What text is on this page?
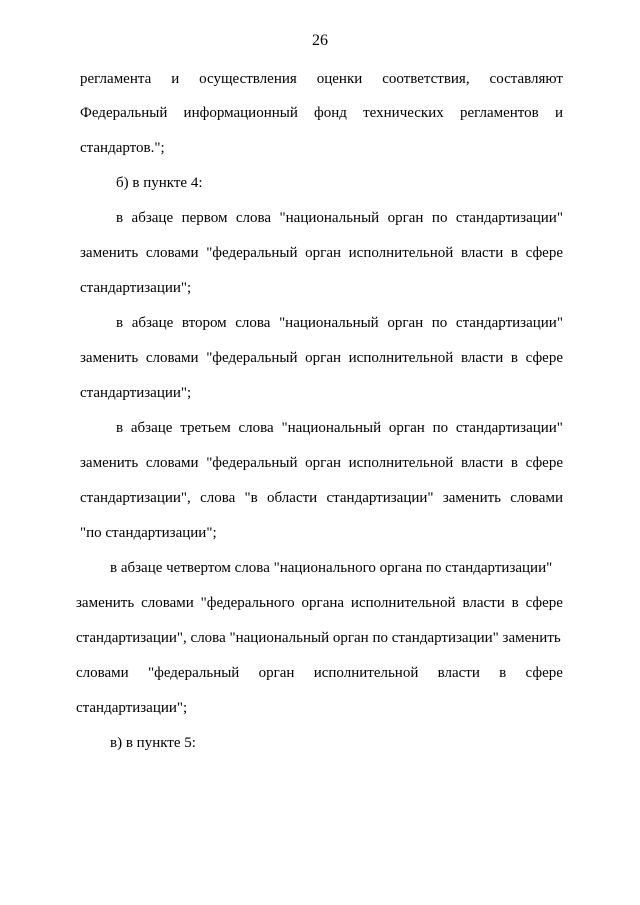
26
регламента и осуществления оценки соответствия, составляют
Федеральный информационный фонд технических регламентов и
стандартов.";
б) в пункте 4:
в абзаце первом слова "национальный орган по стандартизации"
заменить словами "федеральный орган исполнительной власти в сфере
стандартизации";
в абзаце втором слова "национальный орган по стандартизации"
заменить словами "федеральный орган исполнительной власти в сфере
стандартизации";
в абзаце третьем слова "национальный орган по стандартизации"
заменить словами "федеральный орган исполнительной власти в сфере
стандартизации", слова "в области стандартизации" заменить словами
"по стандартизации";
в абзаце четвертом слова "национального органа по стандартизации"
заменить словами "федерального органа исполнительной власти в сфере
стандартизации", слова "национальный орган по стандартизации" заменить
словами "федеральный орган исполнительной власти в сфере
стандартизации";
в) в пункте 5:
